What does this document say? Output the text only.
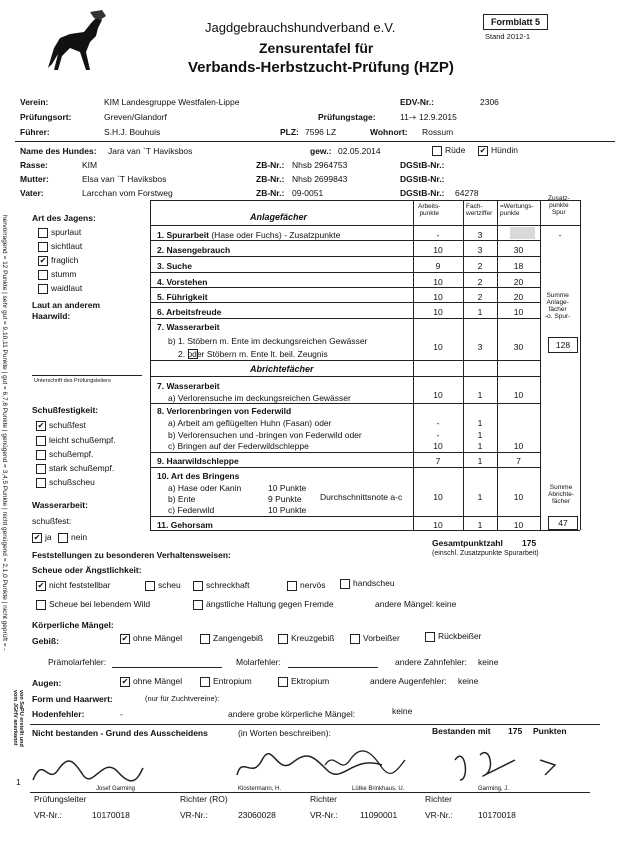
Jagdgebrauchshundverband e.V.
Zensurentafel für
Verbands-Herbstzucht-Prüfung (HZP)
Formblatt 5
Stand 2012-1
Verein:	KIM Landesgruppe Westfalen-Lippe	EDV-Nr.:	2306
Prüfungsort:	Greven/Glandorf	Prüfungstage:	11-+ 12.9.2015
Führer:	S.H.J. Bouhuis	PLZ: 7596 LZ	Wohnort: Rossum
Name des Hundes: Jara van `T Haviksbos	gew.: 02.05.2014	Rüde ✔ Hündin
Rasse:	KIM	ZB-Nr.: Nhsb 2964753	DGStB-Nr.:
Mutter:	Elsa van `T Haviksbos	ZB-Nr.: Nhsb 2699843	DGStB-Nr.:
Vater:	Larcchan vom Forstweg	ZB-Nr.: 09-0051	DGStB-Nr.: 64278
hervorragend = 12 Punkte | sehr gut = 9,10,11 Punkte | gut = 6,7,8 Punkte | genügend = 3,4,5 Punkte | nicht genügend = 2,1,0 Punkte | nicht geprüft = -
von SaPU erstellt und
vom JGHV anerkannt
Anlagefächer
Arbeits-
punkte
Fach-
wertziffer
=Wertungs-
punkte
Zusatz-
punkte
Spur
1. Spurarbeit (Hase oder Fuchs) - Zusatzpunkte	-	3	-
2. Nasengebrauch	10	3	30
3. Suche	9	2	18
4. Vorstehen	10	2	20
5. Führigkeit	10	2	20
6. Arbeitsfreude	10	1	10
7. Wasserarbeit
b) 1. Stöbern m. Ente im deckungsreichen Gewässer
2. oder Stöbern m. Ente lt. beil. Zeugnis
10	3	30
Summe
Anlage-
fächer
-o. Spur-
128
Abrichtefächer
7. Wasserarbeit
a) Verlorensuche im deckungsreichen Gewässer	10	1	10
8. Verlorenbringen von Federwild
a) Arbeit am geflügelten Huhn (Fasan) oder	-	1
b) Verlorensuchen und -bringen von Federwild oder	-	1
c) Bringen auf der Federwildschleppe	10	1	10
9. Haarwildschleppe	7	1	7
10. Art des Bringens
a) Hase oder Kanin	10 Punkte
b) Ente	9 Punkte Durchschnittsnote a-c
c) Federwild	10 Punkte
10	1	10
Summe
Abrichte-
fächer
11. Gehorsam	10	1	10	47
Gesamtpunktzahl 175
(einschl. Zusatzpunkte Spurarbeit)
Art des Jagens:
spurlaut
sichtlaut
✔ fraglich
stumm
waidlaut
Laut an anderem
Haarwild:
Unterschrift des Prüfungsleiters
Schußfestigkeit:
✔ schußfest
leicht schußempf.
schußempf.
stark schußempf.
schußscheu
Wasserarbeit:
schußfest:
✔ ja	nein
Feststellungen zu besonderen Verhaltensweisen:
Scheue oder Ängstlichkeit:
✔ nicht feststellbar	scheu	schreckhaft	nervös	handscheu
Scheue bei lebendem Wild	ängstliche Haltung gegen Fremde	andere Mängel: keine
Körperliche Mängel:
Gebiß:	✔ ohne Mängel	Zangengebiß	Kreuzgebiß	Vorbeißer	Rückbeißer
Prämolarfehler:	Molarfehler:	andere Zahnfehler: keine
Augen:	✔ ohne Mängel	Entropium	Ektropium	andere Augenfehler: keine
Form und Haarwert:	(nur für Zuchtvereine):
Hodenfehler:	-	andere grobe körperliche Mängel:	keine
Nicht bestanden - Grund des Ausscheidens	(in Worten beschreiben):	Bestanden mit 175 Punkten
1
Prüfungsleiter
Josef Garming
Richter (RO)
Klostermann, H.
Richter
Lütke Brinkhaus, U.
Richter
Garming, J.
VR-Nr.:	10170018	VR-Nr.:	23060028	VR-Nr.:	11090001	VR-Nr.:	10170018
